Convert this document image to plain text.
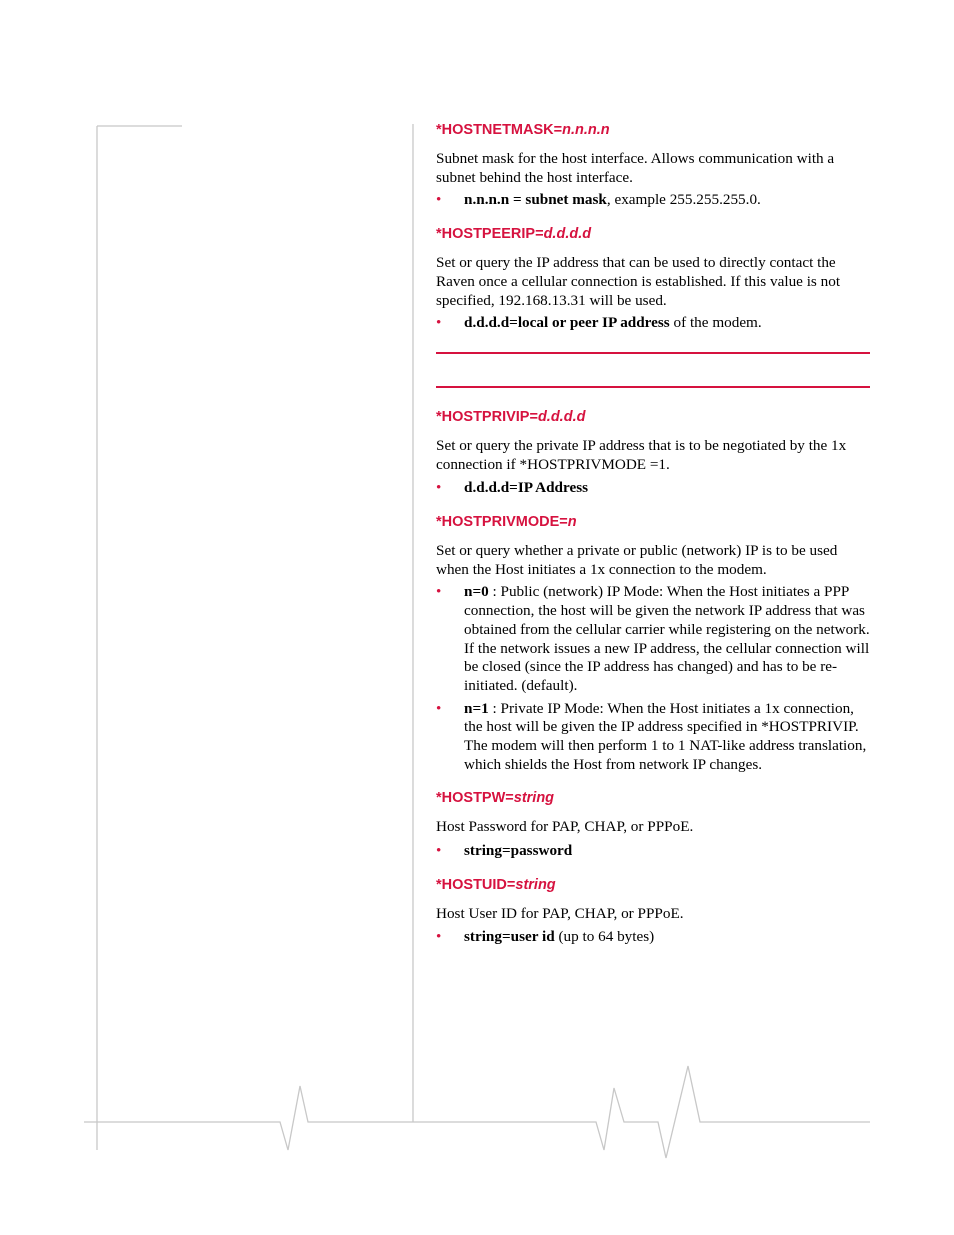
*HOSTNETMASK=n.n.n.n

Subnet mask for the host interface. Allows communication with a subnet behind the host interface.

• n.n.n.n = subnet mask, example 255.255.255.0.
*HOSTPEERIP=d.d.d.d

Set or query the IP address that can be used to directly contact the Raven once a cellular connection is established. If this value is not specified, 192.168.13.31 will be used.

• d.d.d.d=local or peer IP address of the modem.
*HOSTPRIVIP=d.d.d.d

Set or query the private IP address that is to be negotiated by the 1x connection if *HOSTPRIVMODE =1.

• d.d.d.d=IP Address
*HOSTPRIVMODE=n

Set or query whether a private or public (network) IP is to be used when the Host initiates a 1x connection to the modem.

• n=0 : Public (network) IP Mode: When the Host initiates a PPP connection, the host will be given the network IP address that was obtained from the cellular carrier while registering on the network. If the network issues a new IP address, the cellular connection will be closed (since the IP address has changed) and has to be re-initiated. (default).
• n=1 : Private IP Mode: When the Host initiates a 1x connection, the host will be given the IP address specified in *HOSTPRIVIP. The modem will then perform 1 to 1 NAT-like address translation, which shields the Host from network IP changes.
*HOSTPW=string

Host Password for PAP, CHAP, or PPPoE.

• string=password
*HOSTUID=string

Host User ID for PAP, CHAP, or PPPoE.

• string=user id (up to 64 bytes)
